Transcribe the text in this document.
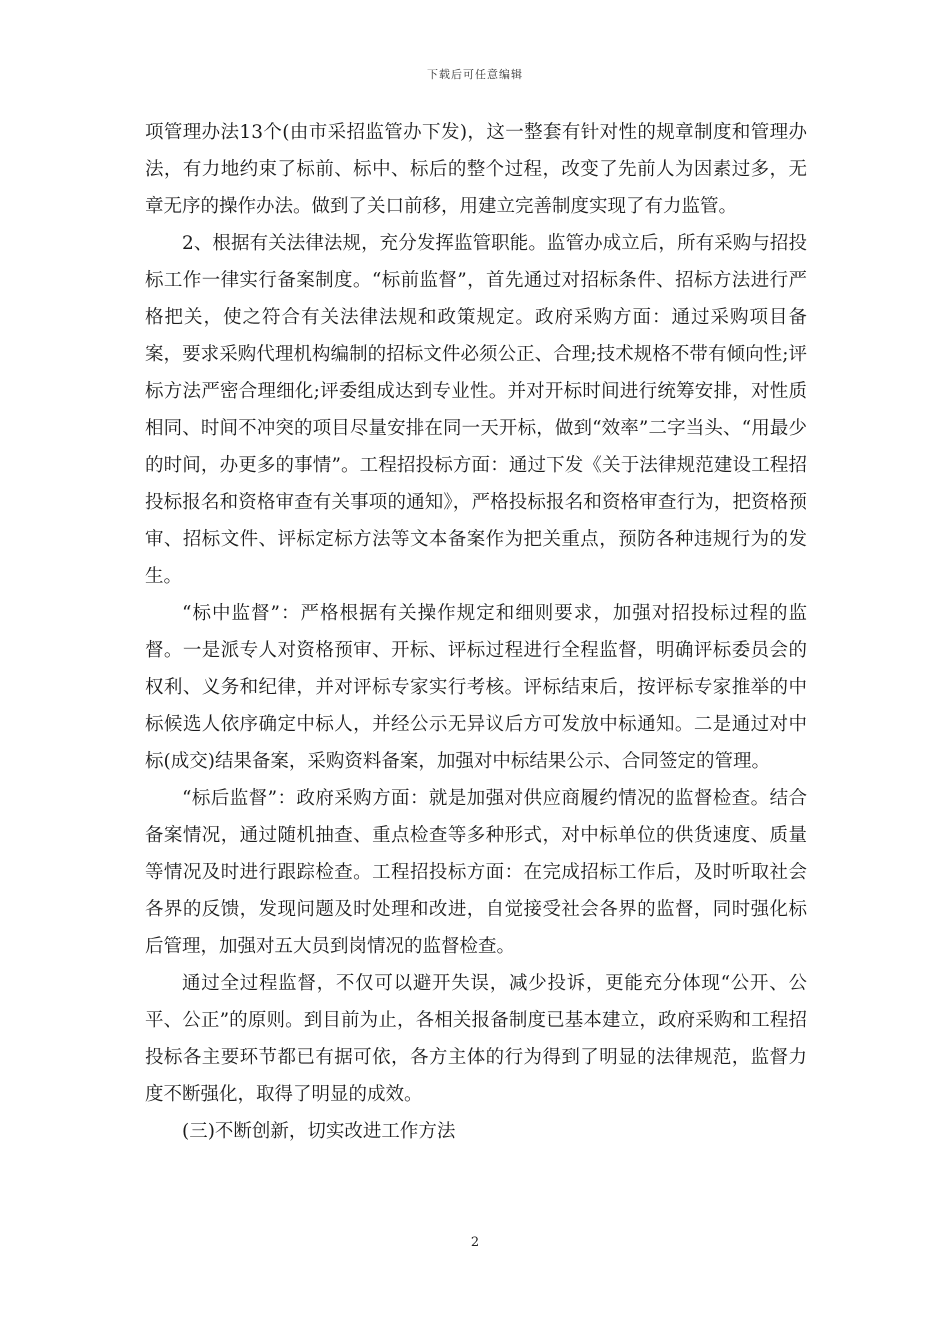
下载后可任意编辑

项管理办法13个(由市采招监管办下发)，这一整套有针对性的规章制度和管理办法，有力地约束了标前、标中、标后的整个过程，改变了先前人为因素过多，无章无序的操作办法。做到了关口前移，用建立完善制度实现了有力监管。

2、根据有关法律法规，充分发挥监管职能。监管办成立后，所有采购与招投标工作一律实行备案制度。“标前监督”，首先通过对招标条件、招标方法进行严格把关，使之符合有关法律法规和政策规定。政府采购方面：通过采购项目备案，要求采购代理机构编制的招标文件必须公正、合理;技术规格不带有倾向性;评标方法严密合理细化;评委组成达到专业性。并对开标时间进行统筹安排，对性质相同、时间不冲突的项目尽量安排在同一天开标，做到“效率”二字当头、“用最少的时间，办更多的事情”。工程招投标方面：通过下发《关于法律规范建设工程招投标报名和资格审查有关事项的通知》，严格投标报名和资格审查行为，把资格预审、招标文件、评标定标方法等文本备案作为把关重点，预防各种违规行为的发生。

“标中监督”：严格根据有关操作规定和细则要求，加强对招投标过程的监督。一是派专人对资格预审、开标、评标过程进行全程监督，明确评标委员会的权利、义务和纪律，并对评标专家实行考核。评标结束后，按评标专家推举的中标候选人依序确定中标人，并经公示无异议后方可发放中标通知。二是通过对中标(成交)结果备案，采购资料备案，加强对中标结果公示、合同签定的管理。

“标后监督”：政府采购方面：就是加强对供应商履约情况的监督检查。结合备案情况，通过随机抽查、重点检查等多种形式，对中标单位的供货速度、质量等情况及时进行跟踪检查。工程招投标方面：在完成招标工作后，及时听取社会各界的反馈，发现问题及时处理和改进，自觉接受社会各界的监督，同时强化标后管理，加强对五大员到岗情况的监督检查。

通过全过程监督，不仅可以避开失误，减少投诉，更能充分体现“公开、公平、公正”的原则。到目前为止，各相关报备制度已基本建立，政府采购和工程招投标各主要环节都已有据可依，各方主体的行为得到了明显的法律规范，监督力度不断强化，取得了明显的成效。

(三)不断创新，切实改进工作方法

2
